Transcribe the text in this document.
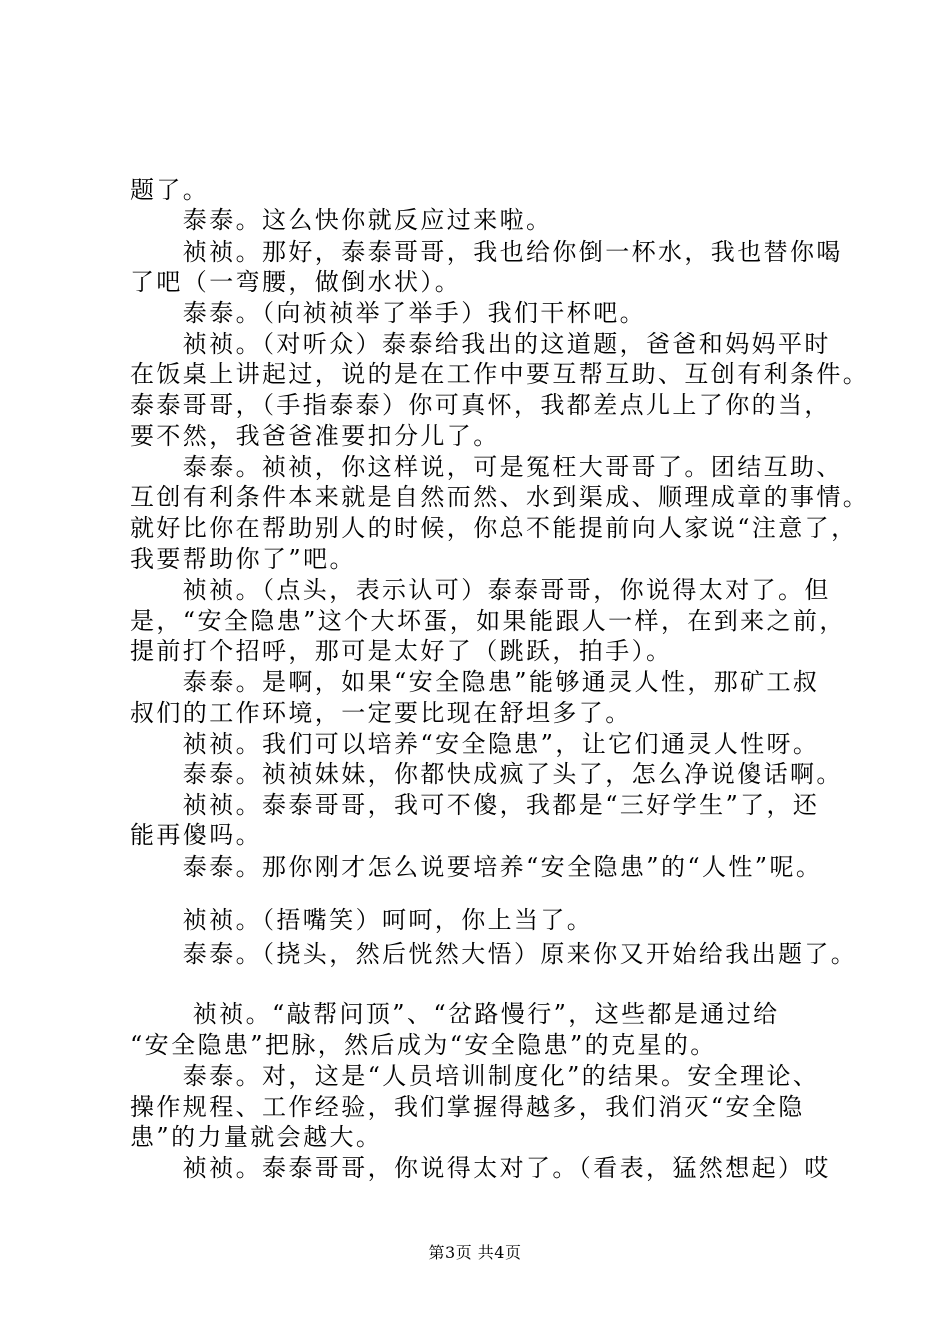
题了。
　　泰泰。这么快你就反应过来啦。
　　祯祯。那好，泰泰哥哥，我也给你倒一杯水，我也替你喝
了吧（一弯腰，做倒水状）。
　　泰泰。（向祯祯举了举手）我们干杯吧。
　　祯祯。（对听众）泰泰给我出的这道题，爸爸和妈妈平时
在饭桌上讲起过，说的是在工作中要互帮互助、互创有利条件。
泰泰哥哥，（手指泰泰）你可真怀，我都差点儿上了你的当，
要不然，我爸爸准要扣分儿了。
　　泰泰。祯祯，你这样说，可是冤枉大哥哥了。团结互助、
互创有利条件本来就是自然而然、水到渠成、顺理成章的事情。
就好比你在帮助别人的时候，你总不能提前向人家说“注意了，
我要帮助你了”吧。
　　祯祯。（点头，表示认可）泰泰哥哥，你说得太对了。但
是，“安全隐患”这个大坏蛋，如果能跟人一样，在到来之前，
提前打个招呼，那可是太好了（跳跃，拍手）。
　　泰泰。是啊，如果“安全隐患”能够通灵人性，那矿工叔
叔们的工作环境，一定要比现在舒坦多了。
　　祯祯。我们可以培养“安全隐患”，让它们通灵人性呀。
　　泰泰。祯祯妹妹，你都快成疯了头了，怎么净说傻话啊。
　　祯祯。泰泰哥哥，我可不傻，我都是“三好学生”了，还
能再傻吗。
　　泰泰。那你刚才怎么说要培养“安全隐患”的“人性”呢。
　　祯祯。（捂嘴笑）呵呵，你上当了。
　　泰泰。（挠头，然后恍然大悟）原来你又开始给我出题了。
　　 祯祯。“敲帮问顶”、“岔路慢行”，这些都是通过给
“安全隐患”把脉，然后成为“安全隐患”的克星的。
　　泰泰。对，这是“人员培训制度化”的结果。安全理论、
操作规程、工作经验，我们掌握得越多，我们消灭“安全隐
患”的力量就会越大。
　　祯祯。泰泰哥哥，你说得太对了。（看表，猛然想起）哎
第3页 共4页
